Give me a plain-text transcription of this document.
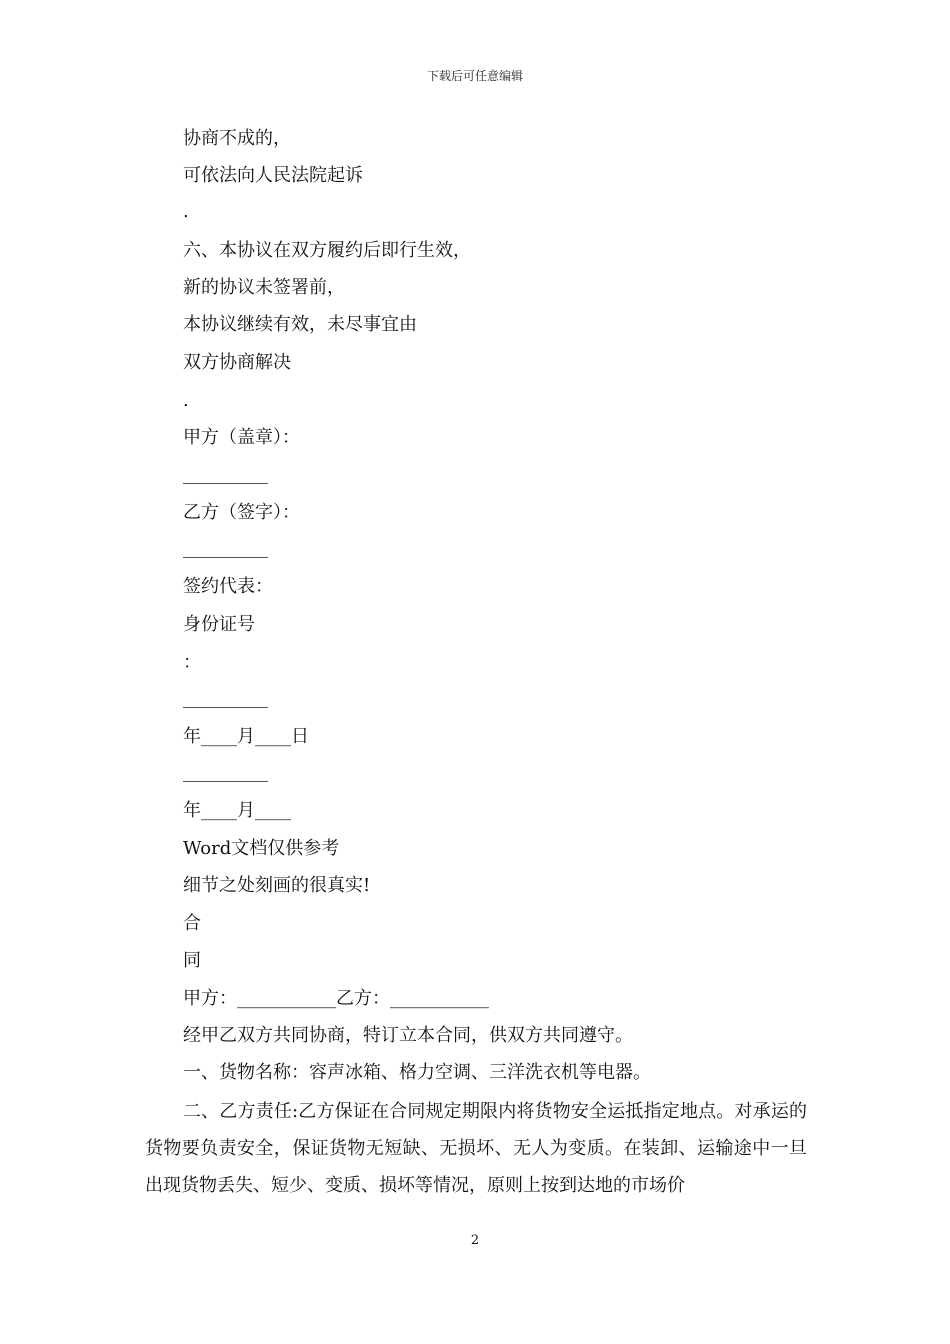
下载后可任意编辑
协商不成的，
可依法向人民法院起诉
.
六、本协议在双方履约后即行生效，
新的协议未签署前，
本协议继续有效，未尽事宜由
双方协商解决
.
甲方（盖章）：
乙方（签字）：
签约代表：
身份证号
：
年____月____日
年____月____
Word文档仅供参考
细节之处刻画的很真实!
合
同
甲方：___________乙方：___________
经甲乙双方共同协商，特订立本合同，供双方共同遵守。
一、货物名称：容声冰箱、格力空调、三洋洗衣机等电器。
二、乙方责任:乙方保证在合同规定期限内将货物安全运抵指定地点。对承运的货物要负责安全，保证货物无短缺、无损坏、无人为变质。在装卸、运输途中一旦出现货物丢失、短少、变质、损坏等情况，原则上按到达地的市场价
2
